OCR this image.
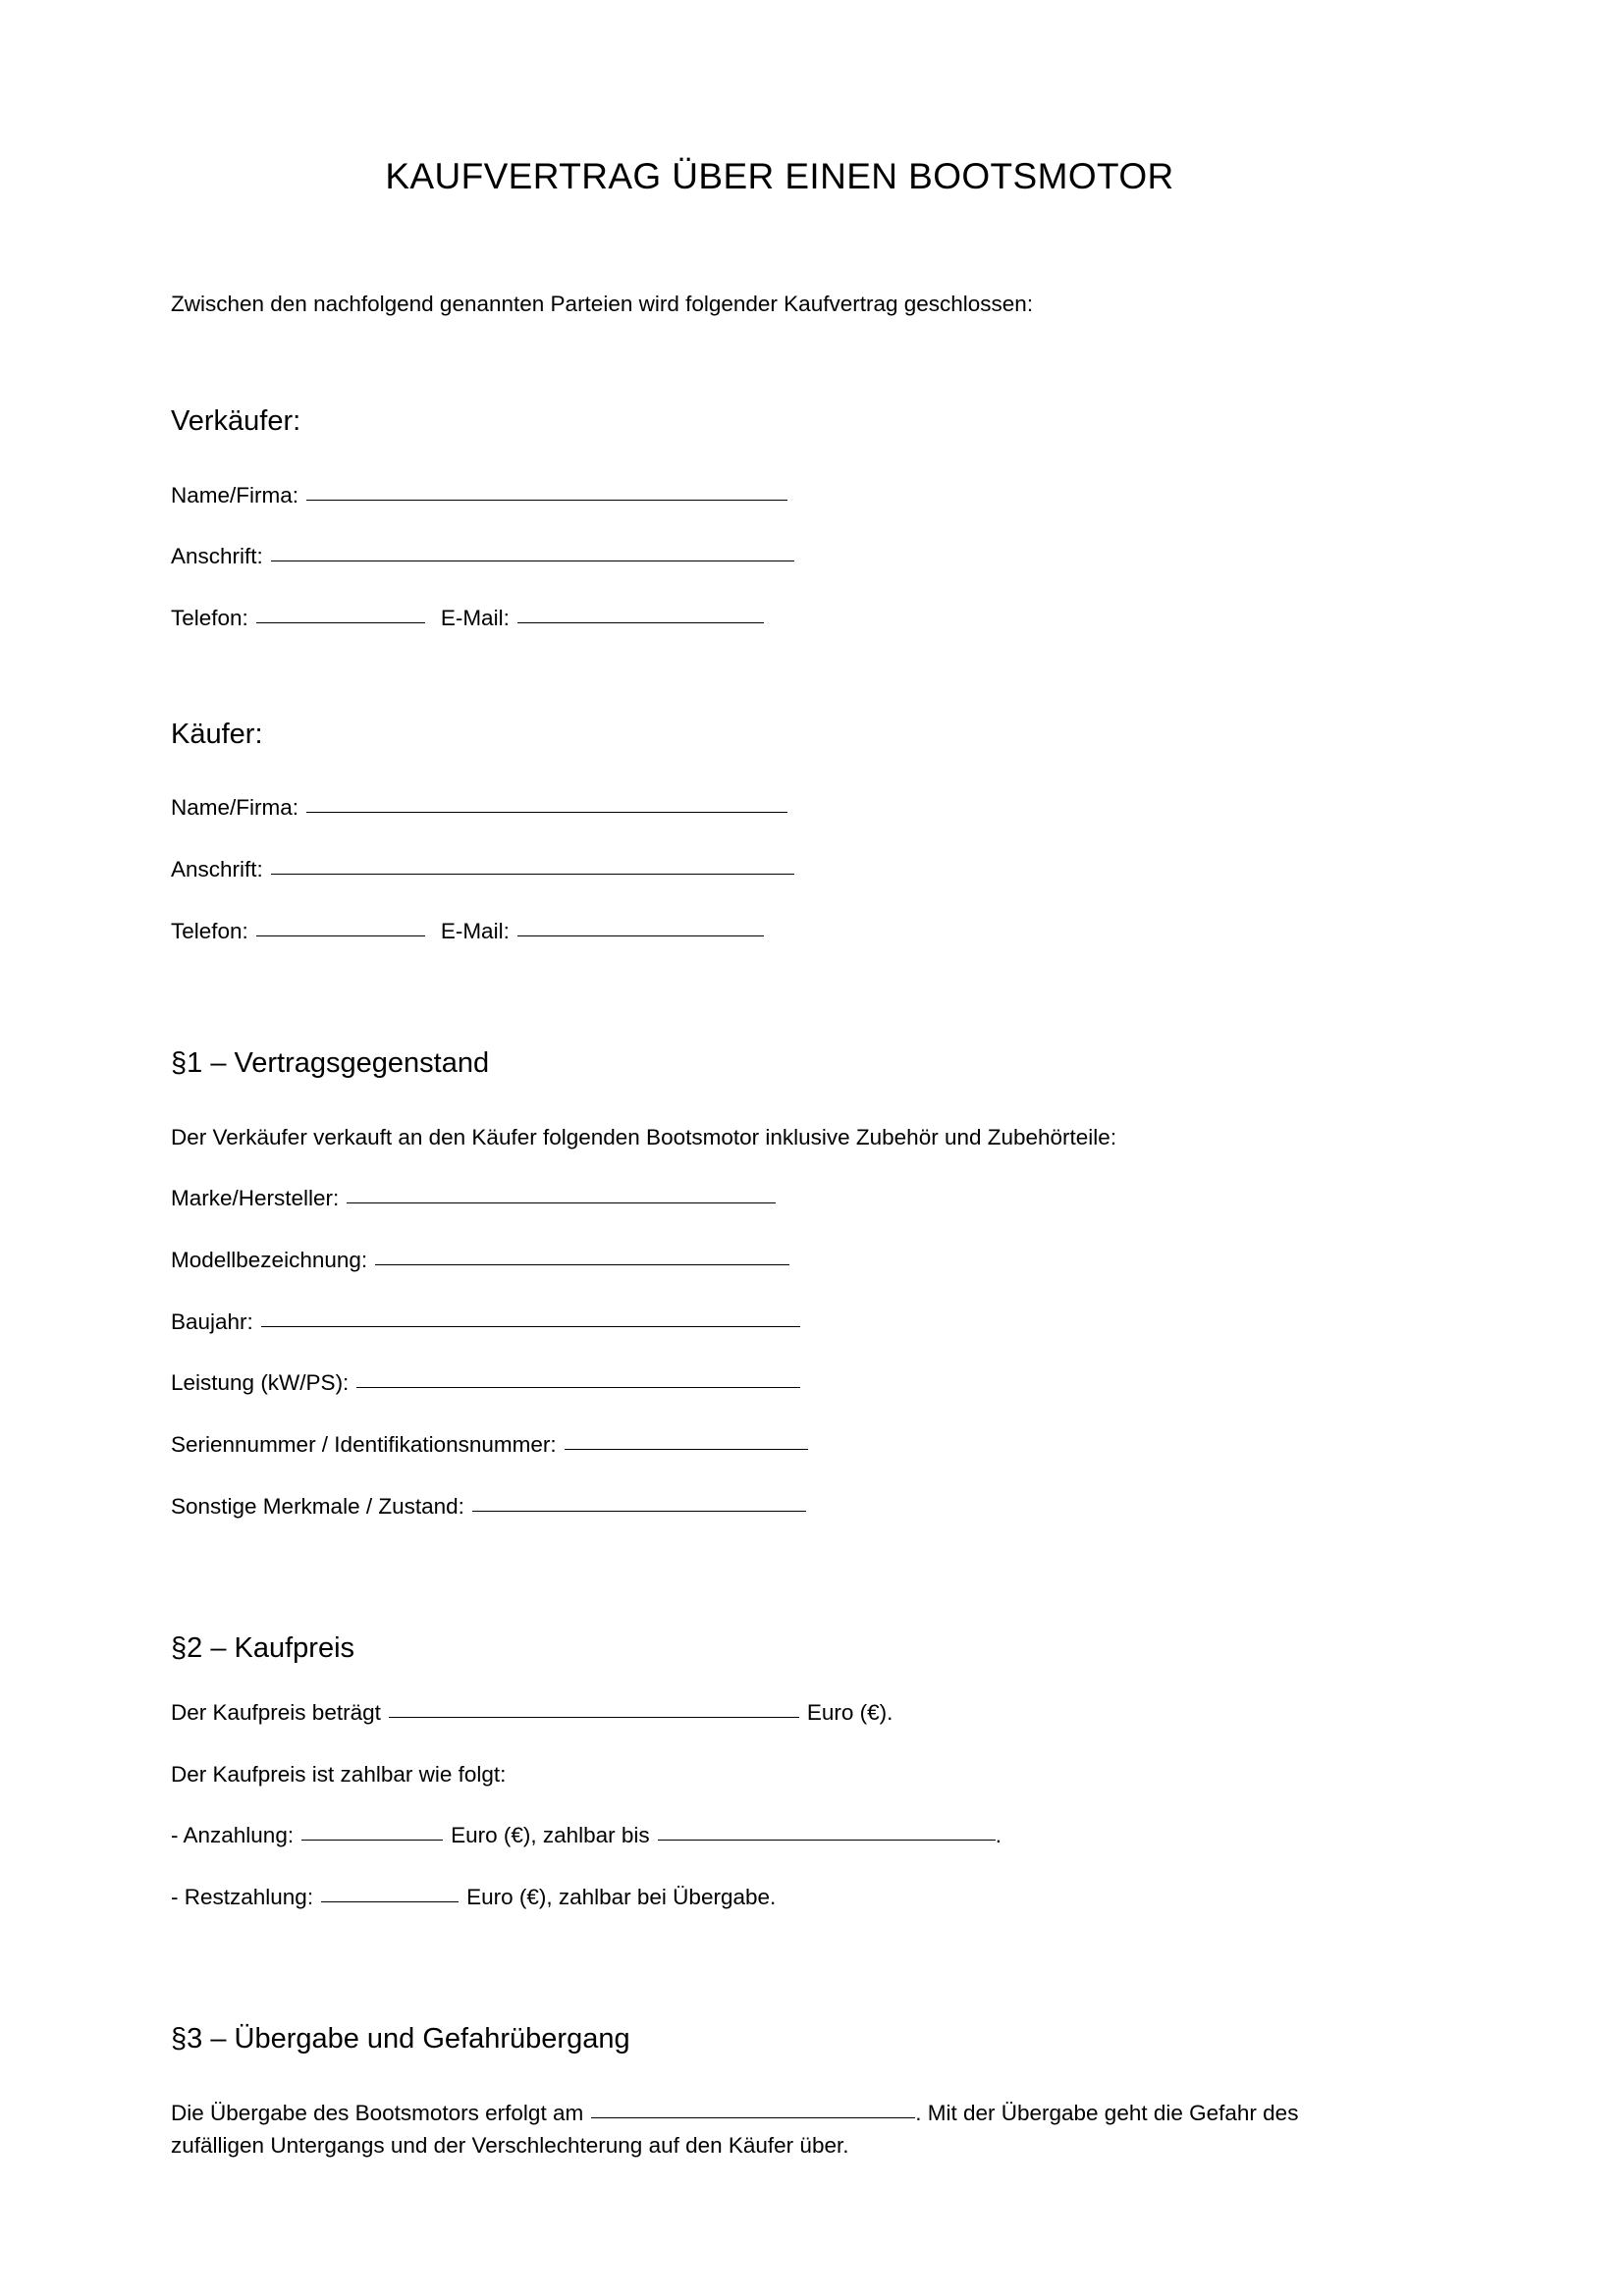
KAUFVERTRAG ÜBER EINEN BOOTSMOTOR
Zwischen den nachfolgend genannten Parteien wird folgender Kaufvertrag geschlossen:
Verkäufer:
Name/Firma:
Anschrift:
Telefon:	E-Mail:
Käufer:
Name/Firma:
Anschrift:
Telefon:	E-Mail:
§1 – Vertragsgegenstand
Der Verkäufer verkauft an den Käufer folgenden Bootsmotor inklusive Zubehör und Zubehörteile:
Marke/Hersteller:
Modellbezeichnung:
Baujahr:
Leistung (kW/PS):
Seriennummer / Identifikationsnummer:
Sonstige Merkmale / Zustand:
§2 – Kaufpreis
Der Kaufpreis beträgt	Euro (€).
Der Kaufpreis ist zahlbar wie folgt:
- Anzahlung:	Euro (€), zahlbar bis	.
- Restzahlung:	Euro (€), zahlbar bei Übergabe.
§3 – Übergabe und Gefahrübergang
Die Übergabe des Bootsmotors erfolgt am	. Mit der Übergabe geht die Gefahr des zufälligen Untergangs und der Verschlechterung auf den Käufer über.
